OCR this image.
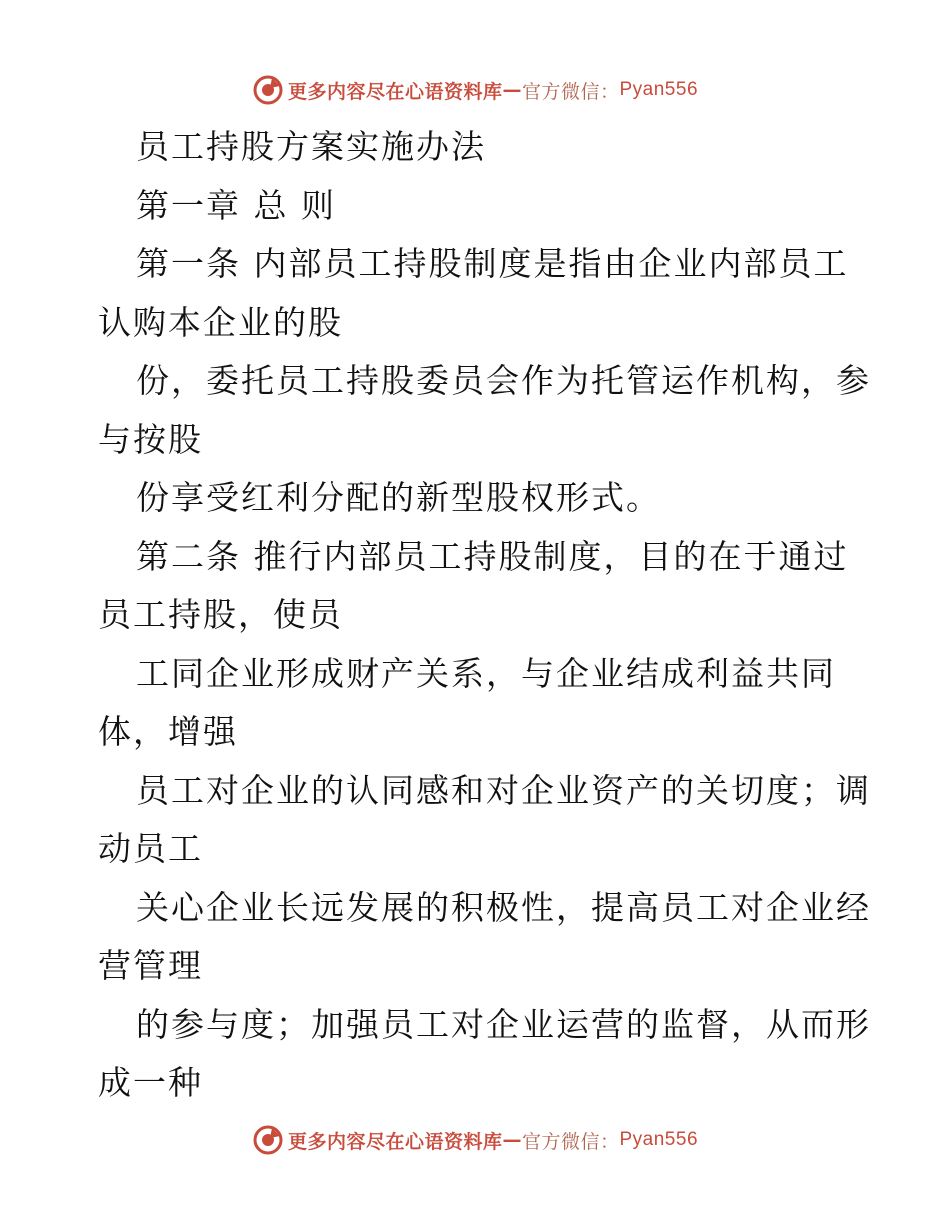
更多内容尽在心语资料库 — 官方微信： Pyan556
员工持股方案实施办法
第一章 总 则
第一条 内部员工持股制度是指由企业内部员工
认购本企业的股
份，委托员工持股委员会作为托管运作机构，参
与按股
份享受红利分配的新型股权形式。
第二条 推行内部员工持股制度，目的在于通过
员工持股，使员
工同企业形成财产关系，与企业结成利益共同
体，增强
员工对企业的认同感和对企业资产的关切度；调
动员工
关心企业长远发展的积极性，提高员工对企业经
营管理
的参与度；加强员工对企业运营的监督，从而形
成一种
更多内容尽在心语资料库 — 官方微信： Pyan556
